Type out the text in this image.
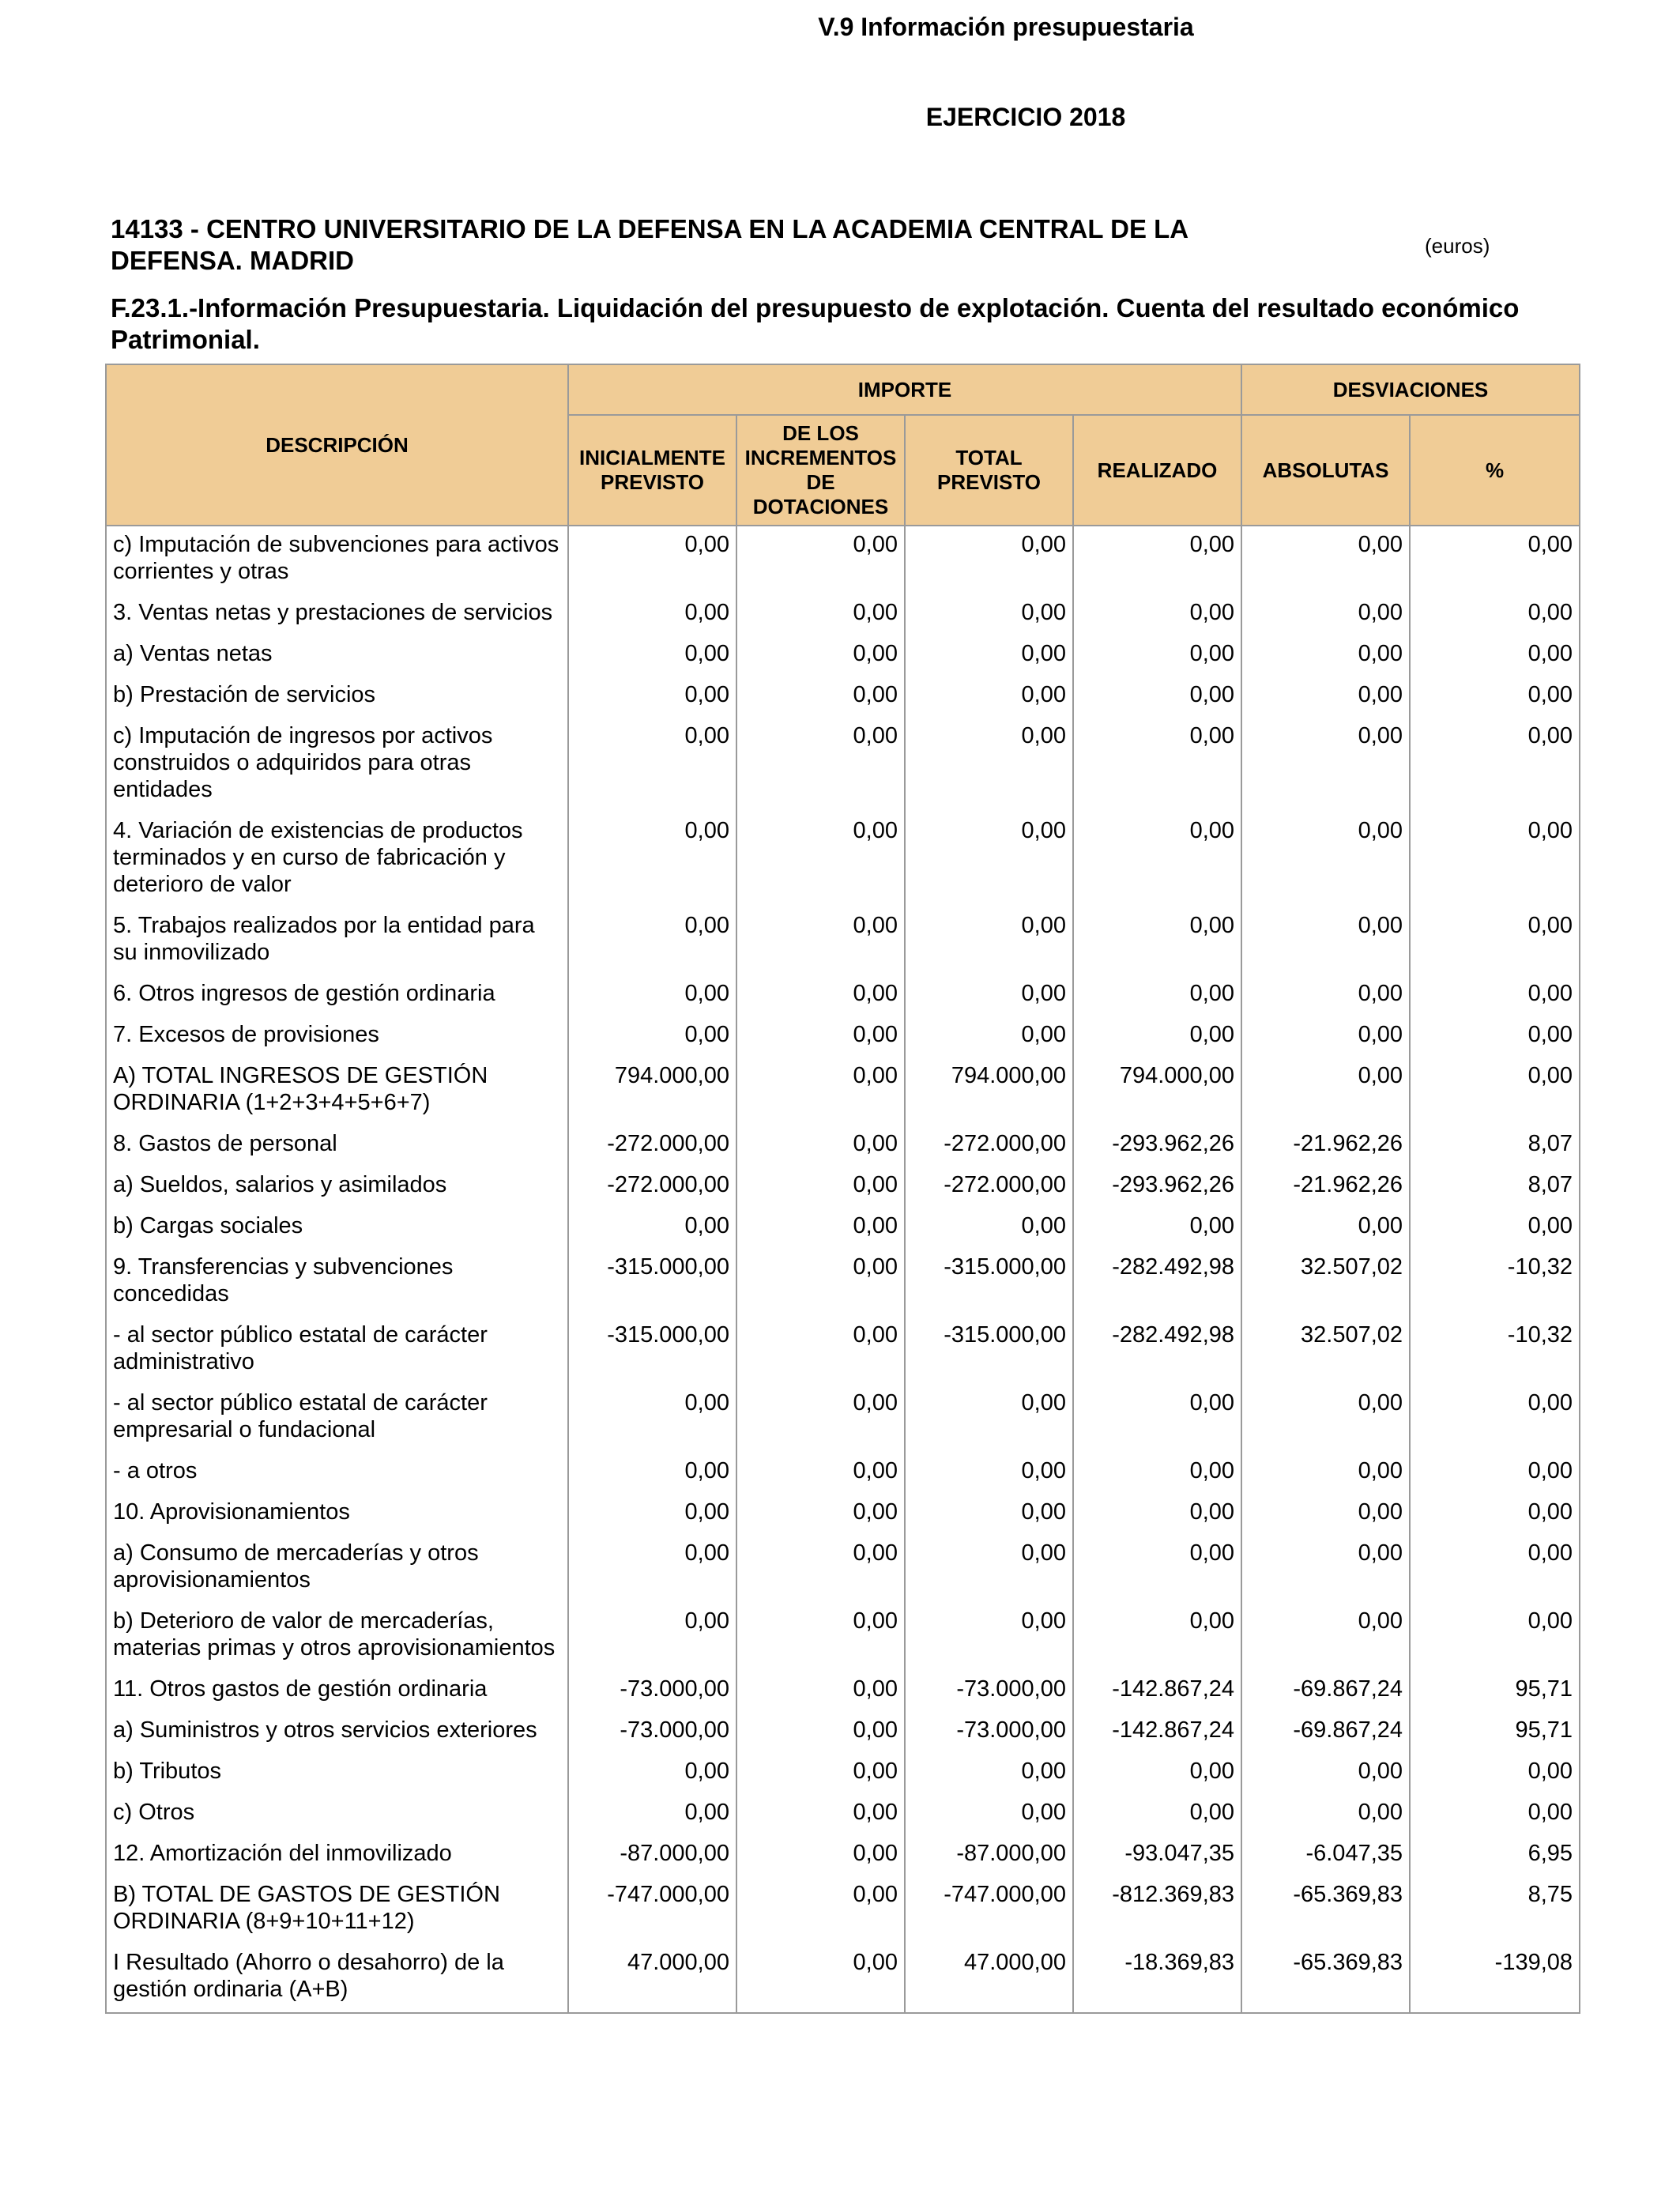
V.9 Información presupuestaria
EJERCICIO 2018
14133 - CENTRO UNIVERSITARIO DE LA DEFENSA EN LA ACADEMIA CENTRAL DE LA DEFENSA. MADRID	(euros)
F.23.1.-Información Presupuestaria. Liquidación del presupuesto de explotación. Cuenta del resultado económico Patrimonial.
DESCRIPCIÓN	IMPORTE				DESVIACIONES	
	INICIALMENTE PREVISTO	DE LOS INCREMENTOS DE DOTACIONES	TOTAL PREVISTO	REALIZADO	ABSOLUTAS	%
c) Imputación de subvenciones para activos corrientes y otras	0,00	0,00	0,00	0,00	0,00	0,00
3. Ventas netas y prestaciones de servicios	0,00	0,00	0,00	0,00	0,00	0,00
a) Ventas netas	0,00	0,00	0,00	0,00	0,00	0,00
b) Prestación de servicios	0,00	0,00	0,00	0,00	0,00	0,00
c) Imputación de ingresos por activos construidos o adquiridos para otras entidades	0,00	0,00	0,00	0,00	0,00	0,00
4. Variación de existencias de productos terminados y en curso de fabricación y deterioro de valor	0,00	0,00	0,00	0,00	0,00	0,00
5. Trabajos realizados por la entidad para su inmovilizado	0,00	0,00	0,00	0,00	0,00	0,00
6. Otros ingresos de gestión ordinaria	0,00	0,00	0,00	0,00	0,00	0,00
7. Excesos de provisiones	0,00	0,00	0,00	0,00	0,00	0,00
A) TOTAL INGRESOS DE GESTIÓN ORDINARIA (1+2+3+4+5+6+7)	794.000,00	0,00	794.000,00	794.000,00	0,00	0,00
8. Gastos de personal	-272.000,00	0,00	-272.000,00	-293.962,26	-21.962,26	8,07
a) Sueldos, salarios y asimilados	-272.000,00	0,00	-272.000,00	-293.962,26	-21.962,26	8,07
b) Cargas sociales	0,00	0,00	0,00	0,00	0,00	0,00
9. Transferencias y subvenciones concedidas	-315.000,00	0,00	-315.000,00	-282.492,98	32.507,02	-10,32
- al sector público estatal de carácter administrativo	-315.000,00	0,00	-315.000,00	-282.492,98	32.507,02	-10,32
- al sector público estatal de carácter empresarial o fundacional	0,00	0,00	0,00	0,00	0,00	0,00
- a otros	0,00	0,00	0,00	0,00	0,00	0,00
10. Aprovisionamientos	0,00	0,00	0,00	0,00	0,00	0,00
a) Consumo de mercaderías y otros aprovisionamientos	0,00	0,00	0,00	0,00	0,00	0,00
b) Deterioro de valor de mercaderías, materias primas y otros aprovisionamientos	0,00	0,00	0,00	0,00	0,00	0,00
11. Otros gastos de gestión ordinaria	-73.000,00	0,00	-73.000,00	-142.867,24	-69.867,24	95,71
a) Suministros y otros servicios exteriores	-73.000,00	0,00	-73.000,00	-142.867,24	-69.867,24	95,71
b) Tributos	0,00	0,00	0,00	0,00	0,00	0,00
c) Otros	0,00	0,00	0,00	0,00	0,00	0,00
12. Amortización del inmovilizado	-87.000,00	0,00	-87.000,00	-93.047,35	-6.047,35	6,95
B) TOTAL DE GASTOS DE GESTIÓN ORDINARIA (8+9+10+11+12)	-747.000,00	0,00	-747.000,00	-812.369,83	-65.369,83	8,75
I Resultado (Ahorro o desahorro) de la gestión ordinaria (A+B)	47.000,00	0,00	47.000,00	-18.369,83	-65.369,83	-139,08
